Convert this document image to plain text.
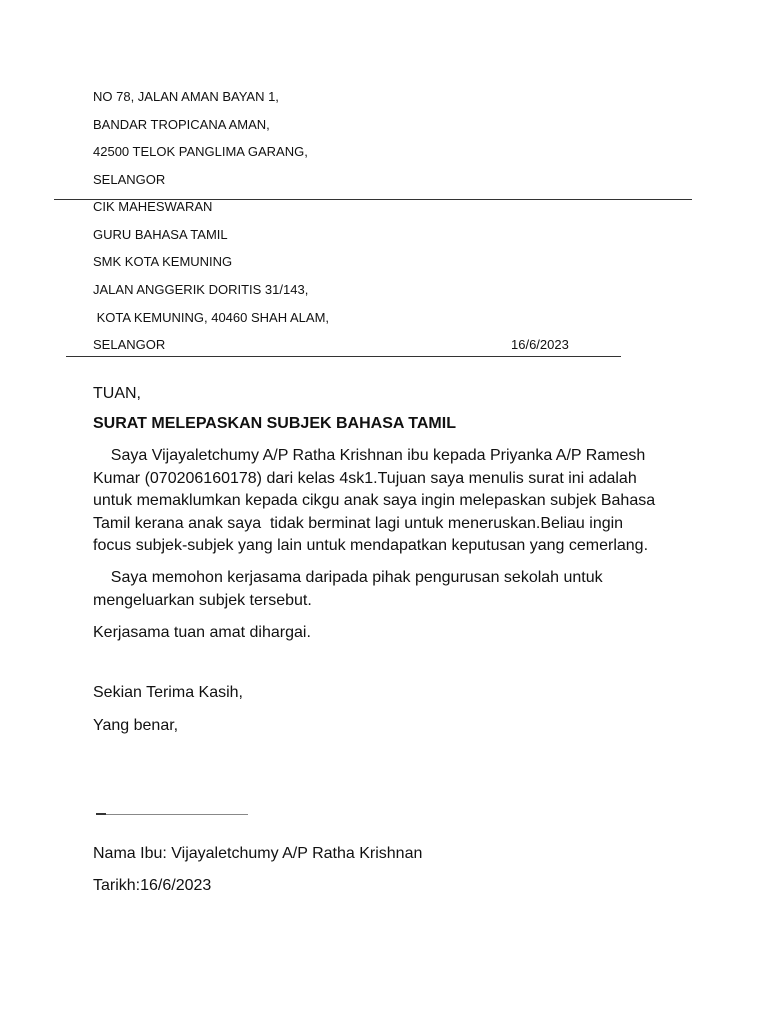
NO 78, JALAN AMAN BAYAN 1,
BANDAR TROPICANA AMAN,
42500 TELOK PANGLIMA GARANG,
SELANGOR
CIK MAHESWARAN
GURU BAHASA TAMIL
SMK KOTA KEMUNING
JALAN ANGGERIK DORITIS 31/143,
KOTA KEMUNING, 40460 SHAH ALAM,
SELANGOR	16/6/2023
TUAN,
SURAT MELEPASKAN SUBJEK BAHASA TAMIL
Saya Vijayaletchumy A/P Ratha Krishnan ibu kepada Priyanka A/P Ramesh
Kumar (070206160178) dari kelas 4sk1.Tujuan saya menulis surat ini adalah
untuk memaklumkan kepada cikgu anak saya ingin melepaskan subjek Bahasa
Tamil kerana anak saya  tidak berminat lagi untuk meneruskan.Beliau ingin
focus subjek-subjek yang lain untuk mendapatkan keputusan yang cemerlang.
Saya memohon kerjasama daripada pihak pengurusan sekolah untuk
mengeluarkan subjek tersebut.
Kerjasama tuan amat dihargai.
Sekian Terima Kasih,
Yang benar,
Nama Ibu: Vijayaletchumy A/P Ratha Krishnan
Tarikh:16/6/2023
